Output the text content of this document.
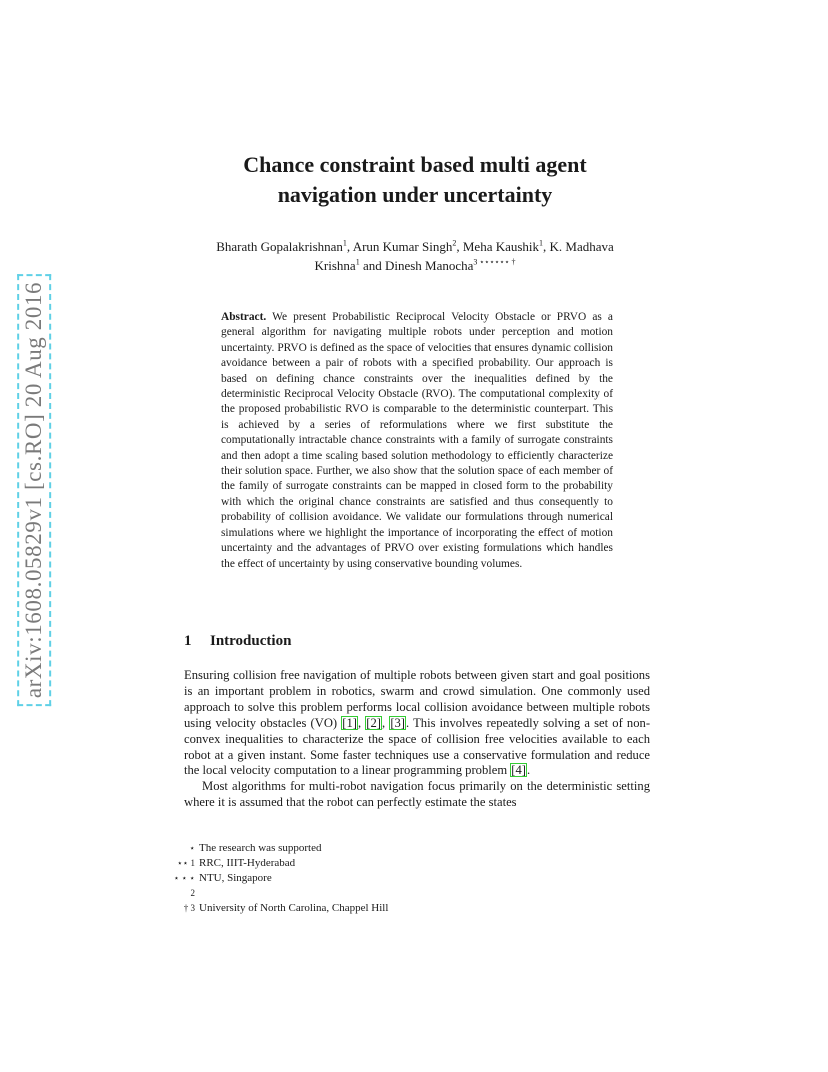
arXiv:1608.05829v1 [cs.RO] 20 Aug 2016
Chance constraint based multi agent
navigation under uncertainty
Bharath Gopalakrishnan$^1$, Arun Kumar Singh$^2$, Meha Kaushik$^1$, K. Madhava
Krishna$^1$ and Dinesh Manocha$^{3 ⋆⋆⋆⋆⋆⋆ \dagger}$
Abstract. We present Probabilistic Reciprocal Velocity Obstacle or PRVO as a general algorithm for navigating multiple robots under perception and motion uncertainty. PRVO is defined as the space of velocities that ensures dynamic collision avoidance between a pair of robots with a specified probability. Our approach is based on defining chance constraints over the inequalities defined by the deterministic Reciprocal Velocity Obstacle (RVO). The computational complexity of the proposed probabilistic RVO is comparable to the deterministic counterpart. This is achieved by a series of reformulations where we first substitute the computationally intractable chance constraints with a family of surrogate constraints and then adopt a time scaling based solution methodology to efficiently characterize their solution space. Further, we also show that the solution space of each member of the family of surrogate constraints can be mapped in closed form to the probability with which the original chance constraints are satisfied and thus consequently to probability of collision avoidance. We validate our formulations through numerical simulations where we highlight the importance of incorporating the effect of motion uncertainty and the advantages of PRVO over existing formulations which handles the effect of uncertainty by using conservative bounding volumes.
1 Introduction

Ensuring collision free navigation of multiple robots between given start and goal positions is an important problem in robotics, swarm and crowd simulation. One commonly used approach to solve this problem performs local collision avoidance between multiple robots using velocity obstacles (VO) [1], [2], [3]. This involves repeatedly solving a set of non-convex inequalities to characterize the space of collision free velocities available to each robot at a given instant. Some faster techniques use a conservative formulation and reduce the local velocity computation to a linear programming problem [4].

Most algorithms for multi-robot navigation focus primarily on the deterministic setting where it is assumed that the robot can perfectly estimate the states

⋆ The research was supported
⋆⋆ 1 RRC, IIIT-Hyderabad
⋆ ⋆ ⋆ 2
NTU, Singapore
† 3 University of North Carolina, Chappel Hill
